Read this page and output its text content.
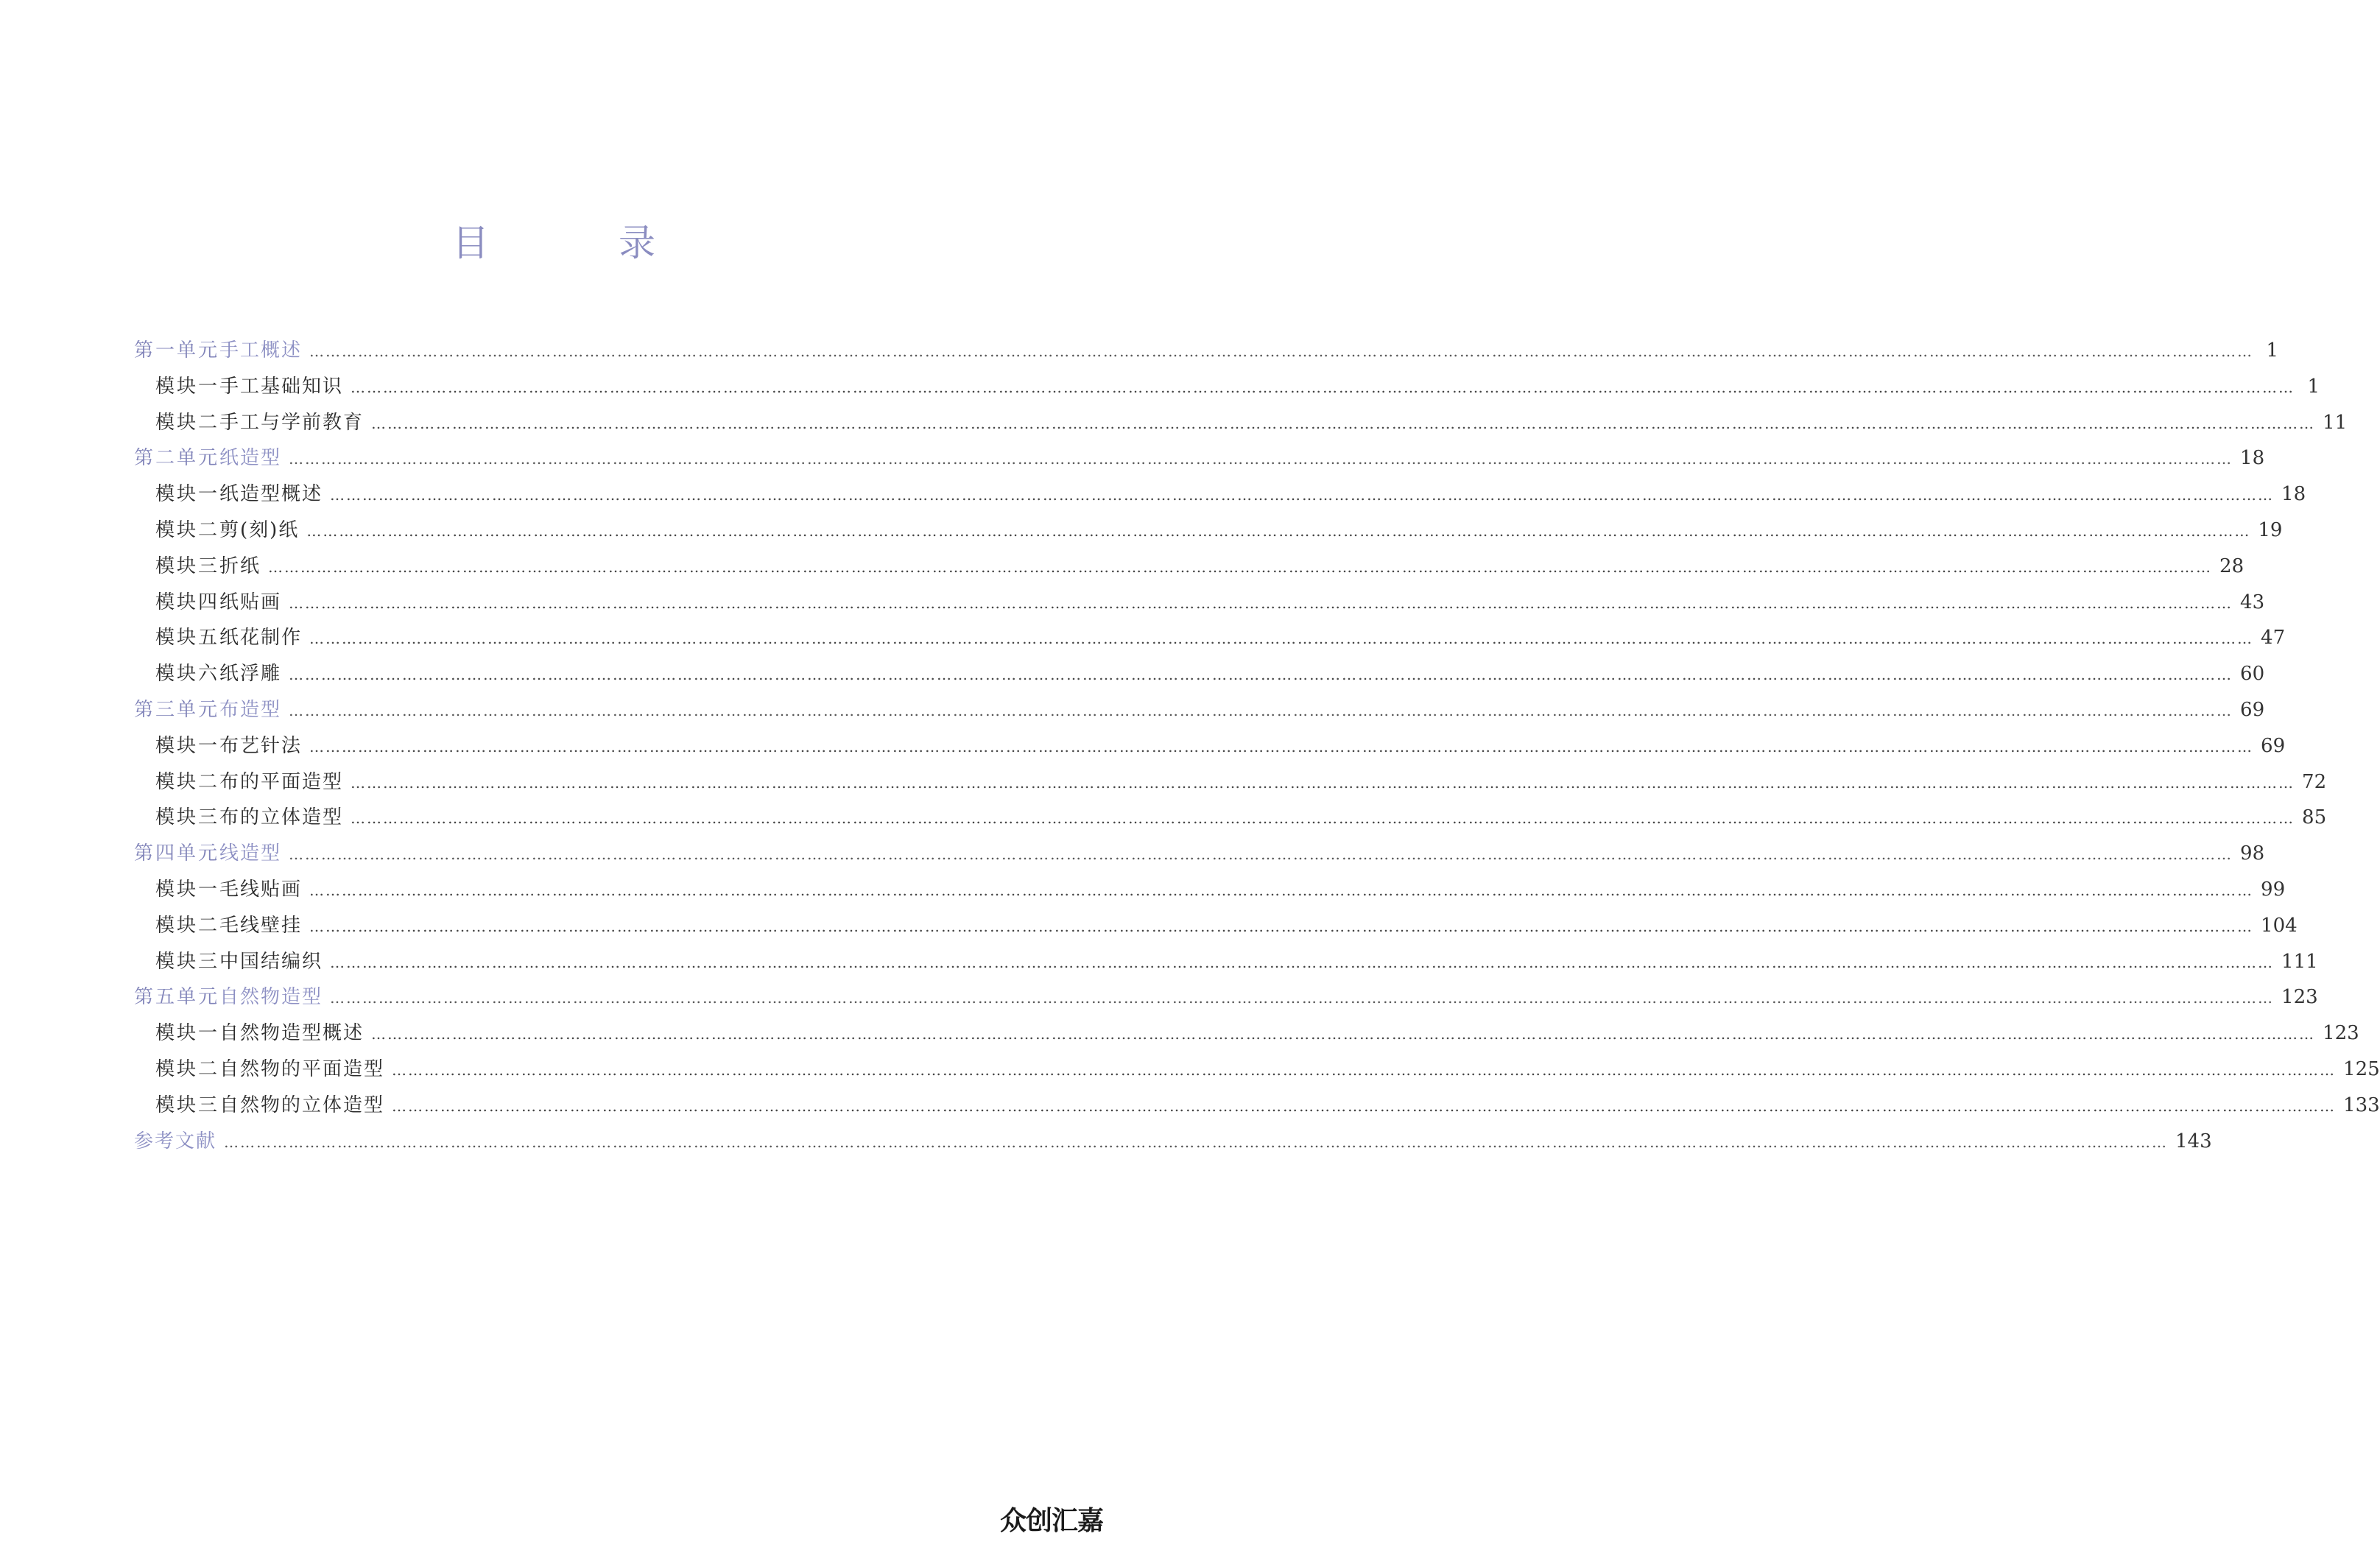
目 录
第一单元 手工概述 ……………………………………………………………………………………………………………………………………………………………………………………………………………………………………………………………………………………………………………………………… 1
模块一 手工基础知识 ……………………………………………………………………………………………………………………………………………………………………………………………………………………………………………………………………………………………………………………………… 1
模块二 手工与学前教育 ……………………………………………………………………………………………………………………………………………………………………………………………………………………………………………………………………………………………………………………………… 11
第二单元 纸造型 ……………………………………………………………………………………………………………………………………………………………………………………………………………………………………………………………………………………………………………………………… 18
模块一 纸造型概述 ……………………………………………………………………………………………………………………………………………………………………………………………………………………………………………………………………………………………………………………………… 18
模块二 剪(刻)纸 ……………………………………………………………………………………………………………………………………………………………………………………………………………………………………………………………………………………………………………………………… 19
模块三 折纸 ……………………………………………………………………………………………………………………………………………………………………………………………………………………………………………………………………………………………………………………………… 28
模块四 纸贴画 ……………………………………………………………………………………………………………………………………………………………………………………………………………………………………………………………………………………………………………………………… 43
模块五 纸花制作 ……………………………………………………………………………………………………………………………………………………………………………………………………………………………………………………………………………………………………………………………… 47
模块六 纸浮雕 ……………………………………………………………………………………………………………………………………………………………………………………………………………………………………………………………………………………………………………………………… 60
第三单元 布造型 ……………………………………………………………………………………………………………………………………………………………………………………………………………………………………………………………………………………………………………………………… 69
模块一 布艺针法 ……………………………………………………………………………………………………………………………………………………………………………………………………………………………………………………………………………………………………………………………… 69
模块二 布的平面造型 ……………………………………………………………………………………………………………………………………………………………………………………………………………………………………………………………………………………………………………………………… 72
模块三 布的立体造型 ……………………………………………………………………………………………………………………………………………………………………………………………………………………………………………………………………………………………………………………………… 85
第四单元 线造型 ……………………………………………………………………………………………………………………………………………………………………………………………………………………………………………………………………………………………………………………………… 98
模块一 毛线贴画 ……………………………………………………………………………………………………………………………………………………………………………………………………………………………………………………………………………………………………………………………… 99
模块二 毛线壁挂 ……………………………………………………………………………………………………………………………………………………………………………………………………………………………………………………………………………………………………………………………… 104
模块三 中国结编织 ……………………………………………………………………………………………………………………………………………………………………………………………………………………………………………………………………………………………………………………………… 111
第五单元 自然物造型 ……………………………………………………………………………………………………………………………………………………………………………………………………………………………………………………………………………………………………………………………… 123
模块一 自然物造型概述 ……………………………………………………………………………………………………………………………………………………………………………………………………………………………………………………………………………………………………………………………… 123
模块二 自然物的平面造型 ……………………………………………………………………………………………………………………………………………………………………………………………………………………………………………………………………………………………………………………………… 125
模块三 自然物的立体造型 ……………………………………………………………………………………………………………………………………………………………………………………………………………………………………………………………………………………………………………………………… 133
参考文献 ……………………………………………………………………………………………………………………………………………………………………………………………………………………………………………………………………………………………………………………………… 143
众创汇嘉
